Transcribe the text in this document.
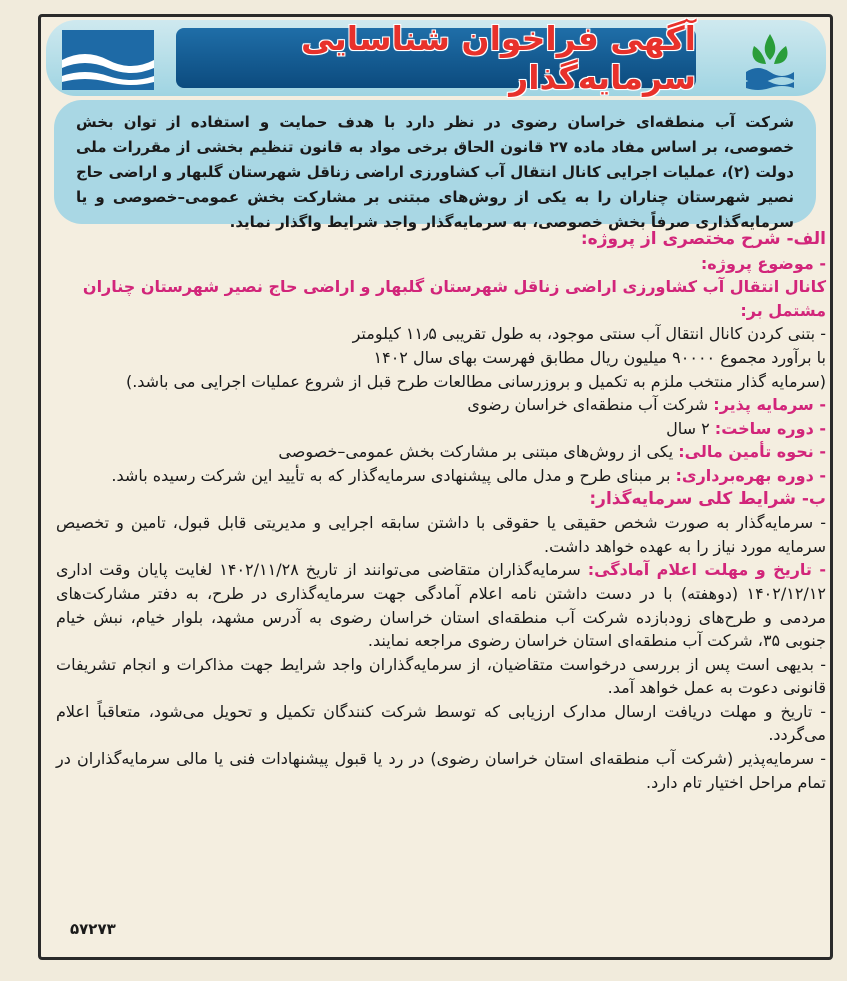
آگهی فراخوان شناسایی سرمایه‌گذار
شرکت آب منطقه‌ای خراسان رضوی در نظر دارد با هدف حمایت و استفاده از توان بخش خصوصی، بر اساس مفاد ماده ۲۷ قانون الحاق برخی مواد به قانون تنظیم بخشی از مقررات ملی دولت (۲)، عملیات اجرایی کانال انتقال آب کشاورزی اراضی زناقل شهرستان گلبهار و اراضی حاج نصیر شهرستان چناران را به یکی از روش‌های مبتنی بر مشارکت بخش عمومی–خصوصی و یا سرمایه‌گذاری صرفاً بخش خصوصی، به سرمایه‌گذار واجد شرایط واگذار نماید.

الف- شرح مختصری از پروژه:

- موضوع پروژه:

کانال انتقال آب کشاورزی اراضی زناقل شهرستان گلبهار و اراضی حاج نصیر شهرستان چناران مشتمل بر:

- بتنی کردن کانال انتقال آب سنتی موجود، به طول تقریبی ۱۱٫۵ کیلومتر

با برآورد مجموع ۹۰۰۰۰ میلیون ریال مطابق فهرست بهای سال ۱۴۰۲

(سرمایه گذار منتخب ملزم به تکمیل و بروزرسانی مطالعات طرح قبل از شروع عملیات اجرایی می باشد.)

- سرمایه پذیر: شرکت آب منطقه‌ای خراسان رضوی

- دوره ساخت: ۲ سال

- نحوه تأمین مالی: یکی از روش‌های مبتنی بر مشارکت بخش عمومی–خصوصی

- دوره بهره‌برداری: بر مبنای طرح و مدل مالی پیشنهادی سرمایه‌گذار که به تأیید این شرکت رسیده باشد.

ب- شرایط کلی سرمایه‌گذار:

- سرمایه‌گذار به صورت شخص حقیقی یا حقوقی با داشتن سابقه اجرایی و مدیریتی قابل قبول، تامین و تخصیص سرمایه مورد نیاز را به عهده خواهد داشت.

- تاریخ و مهلت اعلام آمادگی: سرمایه‌گذاران متقاضی می‌توانند از تاریخ ۱۴۰۲/۱۱/۲۸ لغایت پایان وقت اداری ۱۴۰۲/۱۲/۱۲ (دوهفته) با در دست داشتن نامه اعلام آمادگی جهت سرمایه‌گذاری در طرح، به دفتر مشارکت‌های مردمی و طرح‌های زودبازده شرکت آب منطقه‌ای استان خراسان رضوی به آدرس مشهد، بلوار خیام، نبش خیام جنوبی ۳۵، شرکت آب منطقه‌ای استان خراسان رضوی مراجعه نمایند.

- بدیهی است پس از بررسی درخواست متقاضیان، از سرمایه‌گذاران واجد شرایط جهت مذاکرات و انجام تشریفات قانونی دعوت به عمل خواهد آمد.

- تاریخ و مهلت دریافت ارسال مدارک ارزیابی که توسط شرکت کنندگان تکمیل و تحویل می‌شود، متعاقباً اعلام می‌گردد.

- سرمایه‌پذیر (شرکت آب منطقه‌ای استان خراسان رضوی) در رد یا قبول پیشنهادات فنی یا مالی سرمایه‌گذاران در تمام مراحل اختیار تام دارد.

۵۷۲۷۳
